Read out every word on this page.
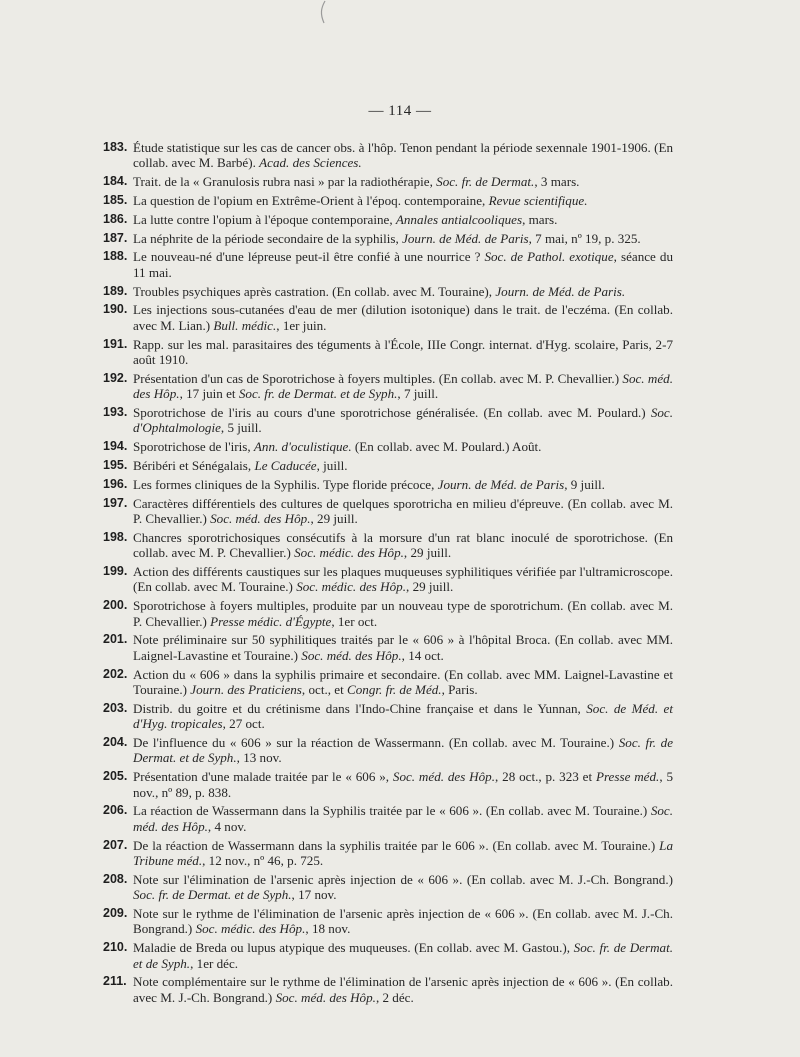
— 114 —
183. Étude statistique sur les cas de cancer obs. à l'hôp. Tenon pendant la période sexennale 1901-1906. (En collab. avec M. Barbé). Acad. des Sciences.
184. Trait. de la « Granulosis rubra nasi » par la radiothérapie, Soc. fr. de Dermat., 3 mars.
185. La question de l'opium en Extrême-Orient à l'époq. contemporaine, Revue scientifique.
186. La lutte contre l'opium à l'époque contemporaine, Annales antialcooliques, mars.
187. La néphrite de la période secondaire de la syphilis, Journ. de Méd. de Paris, 7 mai, nº 19, p. 325.
188. Le nouveau-né d'une lépreuse peut-il être confié à une nourrice ? Soc. de Pathol. exotique, séance du 11 mai.
189. Troubles psychiques après castration. (En collab. avec M. Touraine), Journ. de Méd. de Paris.
190. Les injections sous-cutanées d'eau de mer (dilution isotonique) dans le trait. de l'eczéma. (En collab. avec M. Lian.) Bull. médic., 1er juin.
191. Rapp. sur les mal. parasitaires des téguments à l'École, IIIe Congr. internat. d'Hyg. scolaire, Paris, 2-7 août 1910.
192. Présentation d'un cas de Sporotrichose à foyers multiples. (En collab. avec M. P. Chevallier.) Soc. méd. des Hôp., 17 juin et Soc. fr. de Dermat. et de Syph., 7 juill.
193. Sporotrichose de l'iris au cours d'une sporotrichose généralisée. (En collab. avec M. Poulard.) Soc. d'Ophtalmologie, 5 juill.
194. Sporotrichose de l'iris, Ann. d'oculistique. (En collab. avec M. Poulard.) Août.
195. Béribéri et Sénégalais, Le Caducée, juill.
196. Les formes cliniques de la Syphilis. Type floride précoce, Journ. de Méd. de Paris, 9 juill.
197. Caractères différentiels des cultures de quelques sporotricha en milieu d'épreuve. (En collab. avec M. P. Chevallier.) Soc. méd. des Hôp., 29 juill.
198. Chancres sporotrichosiques consécutifs à la morsure d'un rat blanc inoculé de sporotrichose. (En collab. avec M. P. Chevallier.) Soc. médic. des Hôp., 29 juill.
199. Action des différents caustiques sur les plaques muqueuses syphilitiques vérifiée par l'ultramicroscope. (En collab. avec M. Touraine.) Soc. médic. des Hôp., 29 juill.
200. Sporotrichose à foyers multiples, produite par un nouveau type de sporotrichum. (En collab. avec M. P. Chevallier.) Presse médic. d'Égypte, 1er oct.
201. Note préliminaire sur 50 syphilitiques traités par le « 606 » à l'hôpital Broca. (En collab. avec MM. Laignel-Lavastine et Touraine.) Soc. méd. des Hôp., 14 oct.
202. Action du « 606 » dans la syphilis primaire et secondaire. (En collab. avec MM. Laignel-Lavastine et Touraine.) Journ. des Praticiens, oct., et Congr. fr. de Méd., Paris.
203. Distrib. du goitre et du crétinisme dans l'Indo-Chine française et dans le Yunnan, Soc. de Méd. et d'Hyg. tropicales, 27 oct.
204. De l'influence du « 606 » sur la réaction de Wassermann. (En collab. avec M. Touraine.) Soc. fr. de Dermat. et de Syph., 13 nov.
205. Présentation d'une malade traitée par le « 606 », Soc. méd. des Hôp., 28 oct., p. 323 et Presse méd., 5 nov., nº 89, p. 838.
206. La réaction de Wassermann dans la Syphilis traitée par le « 606 ». (En collab. avec M. Touraine.) Soc. méd. des Hôp., 4 nov.
207. De la réaction de Wassermann dans la syphilis traitée par le 606 ». (En collab. avec M. Touraine.) La Tribune méd., 12 nov., nº 46, p. 725.
208. Note sur l'élimination de l'arsenic après injection de « 606 ». (En collab. avec M. J.-Ch. Bongrand.) Soc. fr. de Dermat. et de Syph., 17 nov.
209. Note sur le rythme de l'élimination de l'arsenic après injection de « 606 ». (En collab. avec M. J.-Ch. Bongrand.) Soc. médic. des Hôp., 18 nov.
210. Maladie de Breda ou lupus atypique des muqueuses. (En collab. avec M. Gastou.), Soc. fr. de Dermat. et de Syph., 1er déc.
211. Note complémentaire sur le rythme de l'élimination de l'arsenic après injection de « 606 ». (En collab. avec M. J.-Ch. Bongrand.) Soc. méd. des Hôp., 2 déc.
